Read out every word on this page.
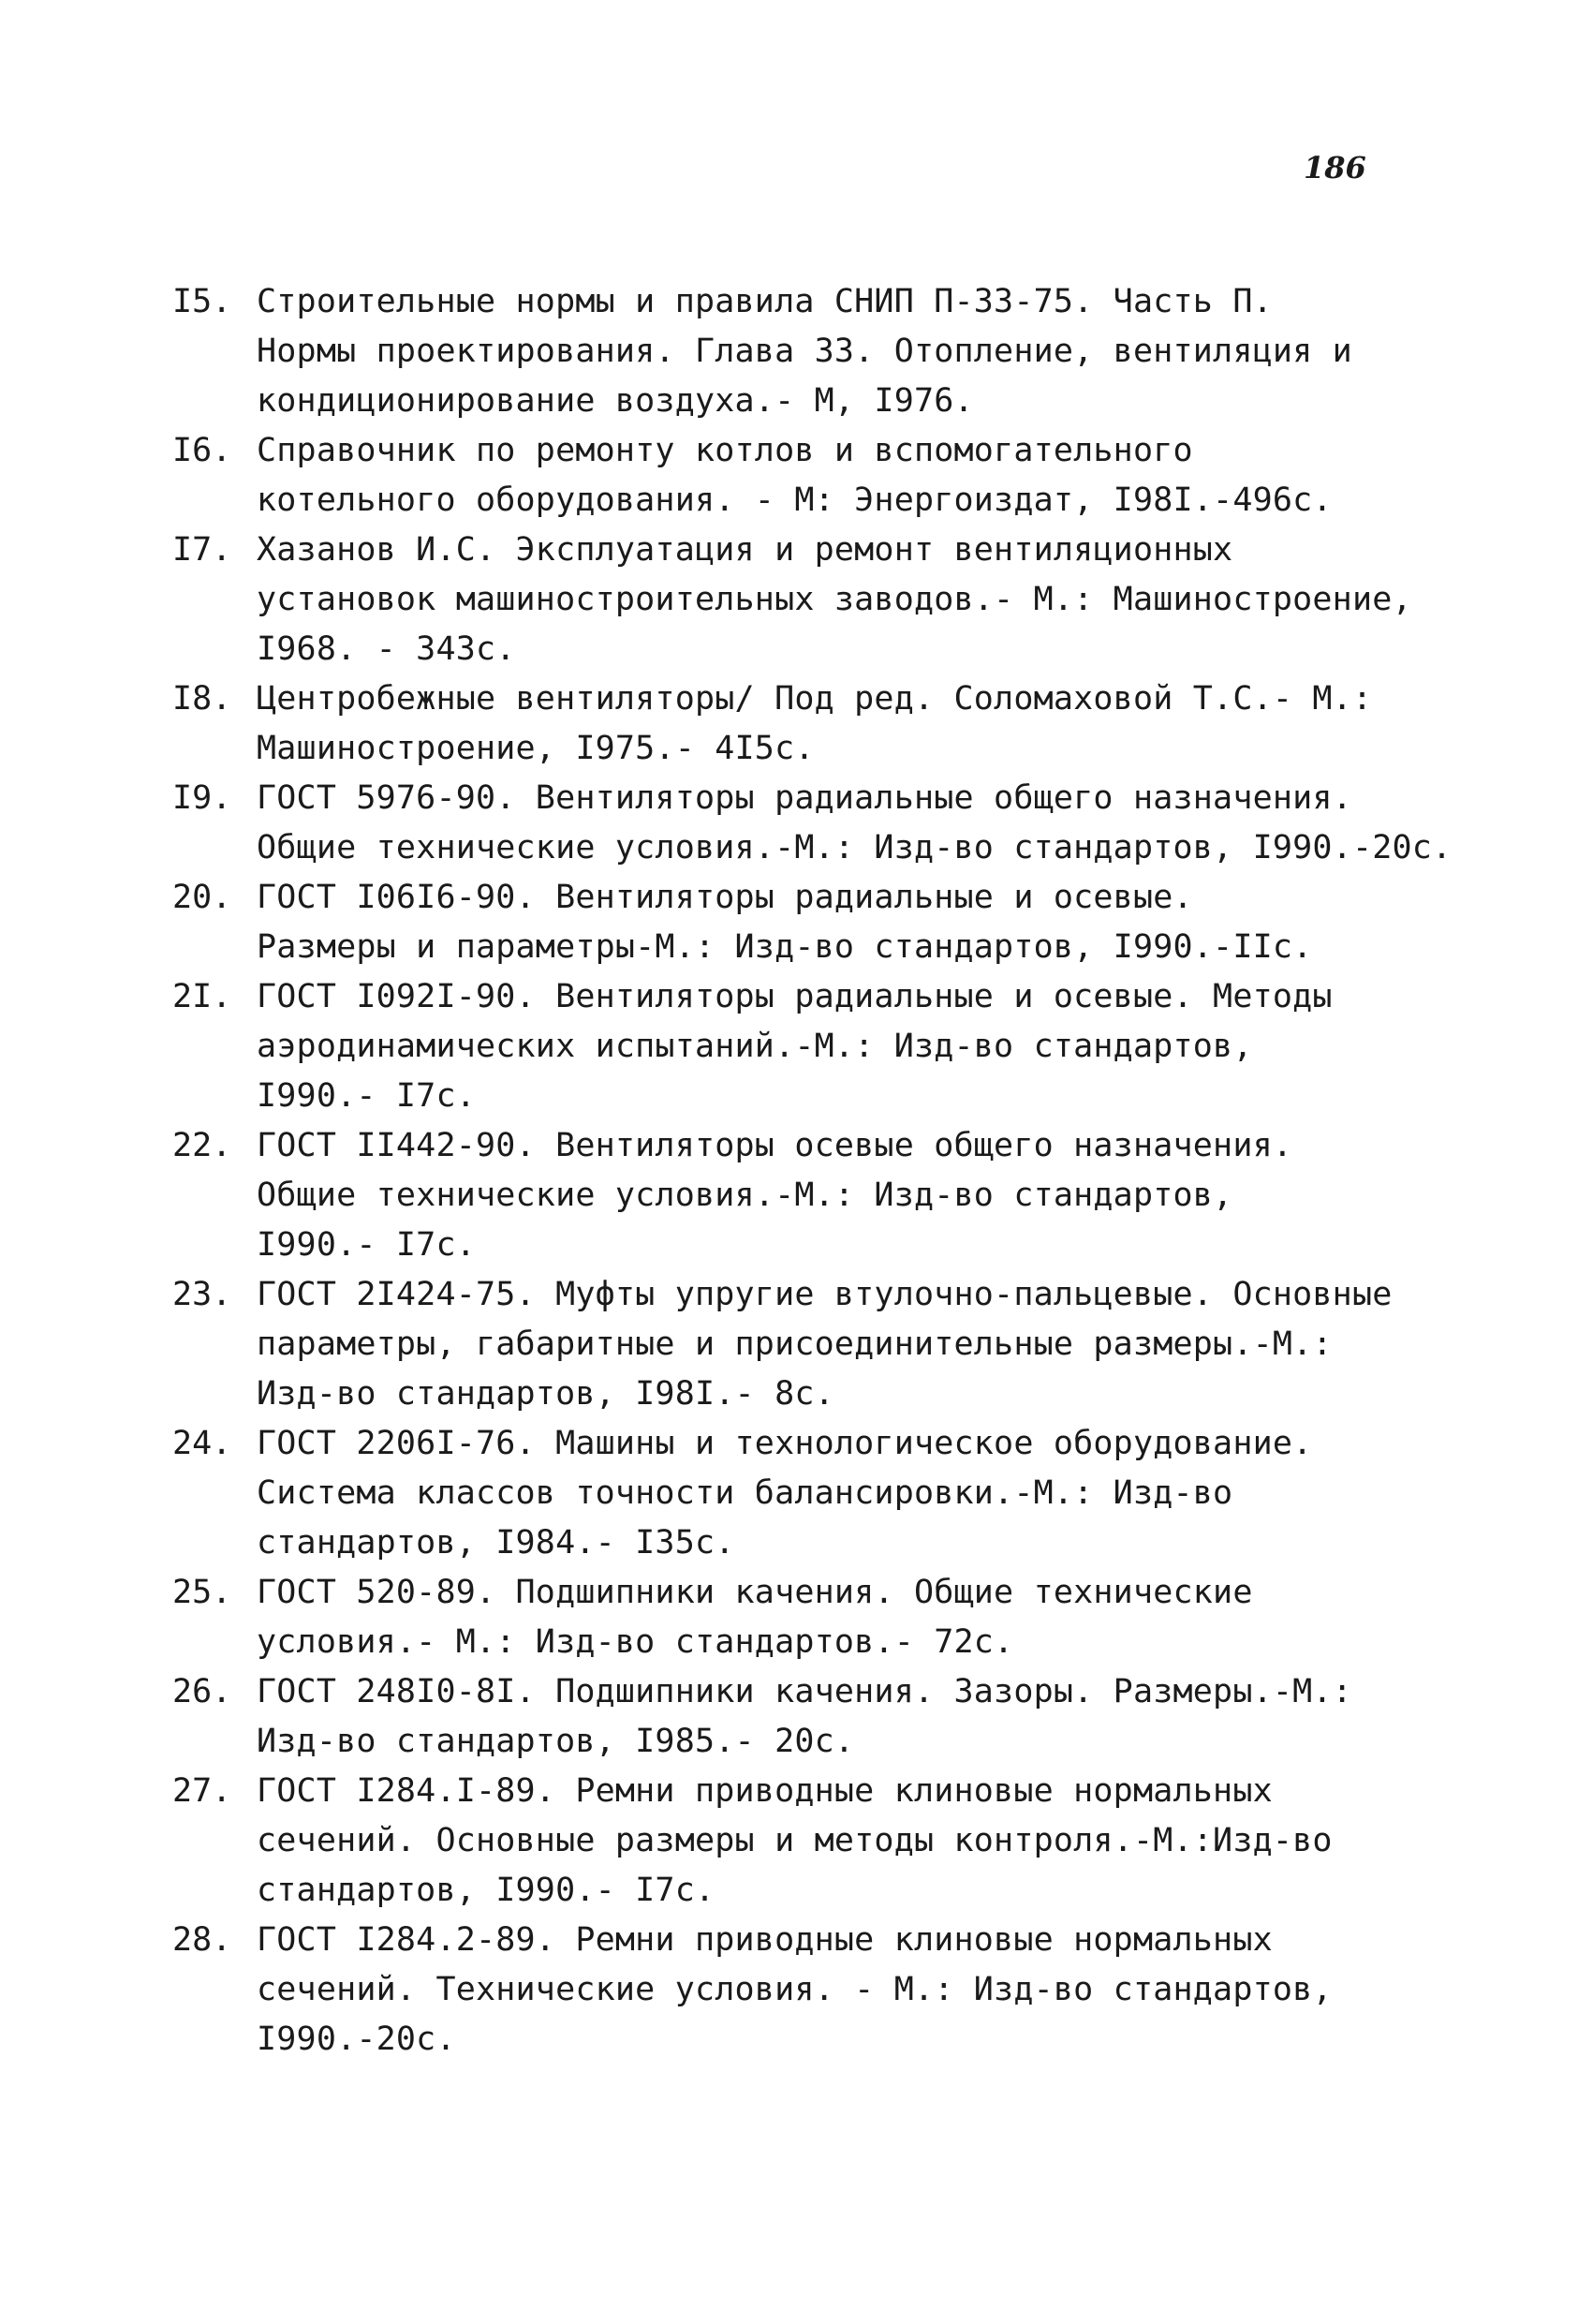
186
I5. Строительные нормы и правила СНИП П-33-75. Часть П.
Нормы проектирования. Глава 33. Отопление, вентиляция и
кондиционирование воздуха.- М, I976.
I6. Справочник по ремонту котлов и вспомогательного
котельного оборудования. - М: Энергоиздат, I98I.-496с.
I7. Хазанов И.С. Эксплуатация и ремонт вентиляционных
установок машиностроительных заводов.- М.: Машиностроение,
I968. - 343с.
I8. Центробежные вентиляторы/ Под ред. Соломаховой Т.С.- М.:
Машиностроение, I975.- 4I5с.
I9. ГОСТ 5976-90. Вентиляторы радиальные общего назначения.
Общие технические условия.-М.: Изд-во стандартов, I990.-20с.
20. ГОСТ I06I6-90. Вентиляторы радиальные и осевые.
Размеры и параметры-М.: Изд-во стандартов, I990.-IIс.
2I. ГОСТ I092I-90. Вентиляторы радиальные и осевые. Методы
аэродинамических испытаний.-М.: Изд-во стандартов,
I990.- I7с.
22. ГОСТ II442-90. Вентиляторы осевые общего назначения.
Общие технические условия.-М.: Изд-во стандартов,
I990.- I7с.
23. ГОСТ 2I424-75. Муфты упругие втулочно-пальцевые. Основные
параметры, габаритные и присоединительные размеры.-М.:
Изд-во стандартов, I98I.- 8с.
24. ГОСТ 2206I-76. Машины и технологическое оборудование.
Система классов точности балансировки.-М.: Изд-во
стандартов, I984.- I35с.
25. ГОСТ 520-89. Подшипники качения. Общие технические
условия.- М.: Изд-во стандартов.- 72с.
26. ГОСТ 248I0-8I. Подшипники качения. Зазоры. Размеры.-М.:
Изд-во стандартов, I985.- 20с.
27. ГОСТ I284.I-89. Ремни приводные клиновые нормальных
сечений. Основные размеры и методы контроля.-М.:Изд-во
стандартов, I990.- I7с.
28. ГОСТ I284.2-89. Ремни приводные клиновые нормальных
сечений. Технические условия. - М.: Изд-во стандартов,
I990.-20с.
